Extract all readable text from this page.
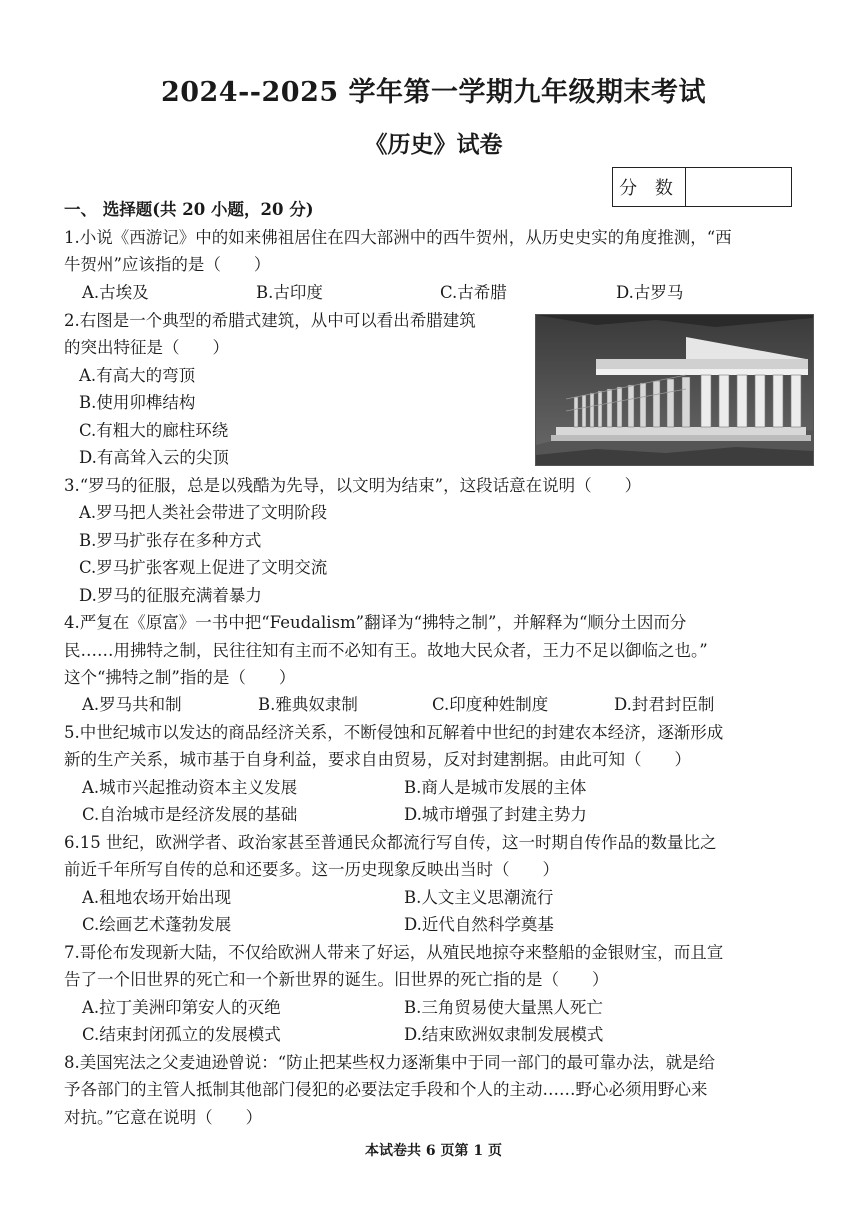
2024--2025 学年第一学期九年级期末考试
《历史》试卷
分 数
一、 选择题(共 20 小题，20 分)
1.小说《西游记》中的如来佛祖居住在四大部洲中的西牛贺州，从历史史实的角度推测，“西
牛贺州”应该指的是（　　）
A.古埃及	B.古印度	C.古希腊	D.古罗马
2.右图是一个典型的希腊式建筑，从中可以看出希腊建筑
的突出特征是（　　）
A.有高大的弯顶
B.使用卯榫结构
C.有粗大的廊柱环绕
D.有高耸入云的尖顶
3.“罗马的征服，总是以残酷为先导，以文明为结束”，这段话意在说明（　　）
A.罗马把人类社会带进了文明阶段
B.罗马扩张存在多种方式
C.罗马扩张客观上促进了文明交流
D.罗马的征服充满着暴力
4.严复在《原富》一书中把“Feudalism”翻译为“拂特之制”，并解释为“顺分土因而分
民……用拂特之制，民往往知有主而不必知有王。故地大民众者，王力不足以御临之也。”
这个“拂特之制”指的是（　　）
A.罗马共和制	B.雅典奴隶制	C.印度种姓制度	D.封君封臣制
5.中世纪城市以发达的商品经济关系，不断侵蚀和瓦解着中世纪的封建农本经济，逐渐形成
新的生产关系，城市基于自身利益，要求自由贸易，反对封建割据。由此可知（　　）
A.城市兴起推动资本主义发展	B.商人是城市发展的主体
C.自治城市是经济发展的基础	D.城市增强了封建主势力
6.15 世纪，欧洲学者、政治家甚至普通民众都流行写自传，这一时期自传作品的数量比之
前近千年所写自传的总和还要多。这一历史现象反映出当时（　　）
A.租地农场开始出现	B.人文主义思潮流行
C.绘画艺术蓬勃发展	D.近代自然科学奠基
7.哥伦布发现新大陆，不仅给欧洲人带来了好运，从殖民地掠夺来整船的金银财宝，而且宣
告了一个旧世界的死亡和一个新世界的诞生。旧世界的死亡指的是（　　）
A.拉丁美洲印第安人的灭绝	B.三角贸易使大量黑人死亡
C.结束封闭孤立的发展模式	D.结束欧洲奴隶制发展模式
8.美国宪法之父麦迪逊曾说：“防止把某些权力逐渐集中于同一部门的最可靠办法，就是给
予各部门的主管人抵制其他部门侵犯的必要法定手段和个人的主动……野心必须用野心来
对抗。”它意在说明（　　）
本试卷共 6 页第 1 页
